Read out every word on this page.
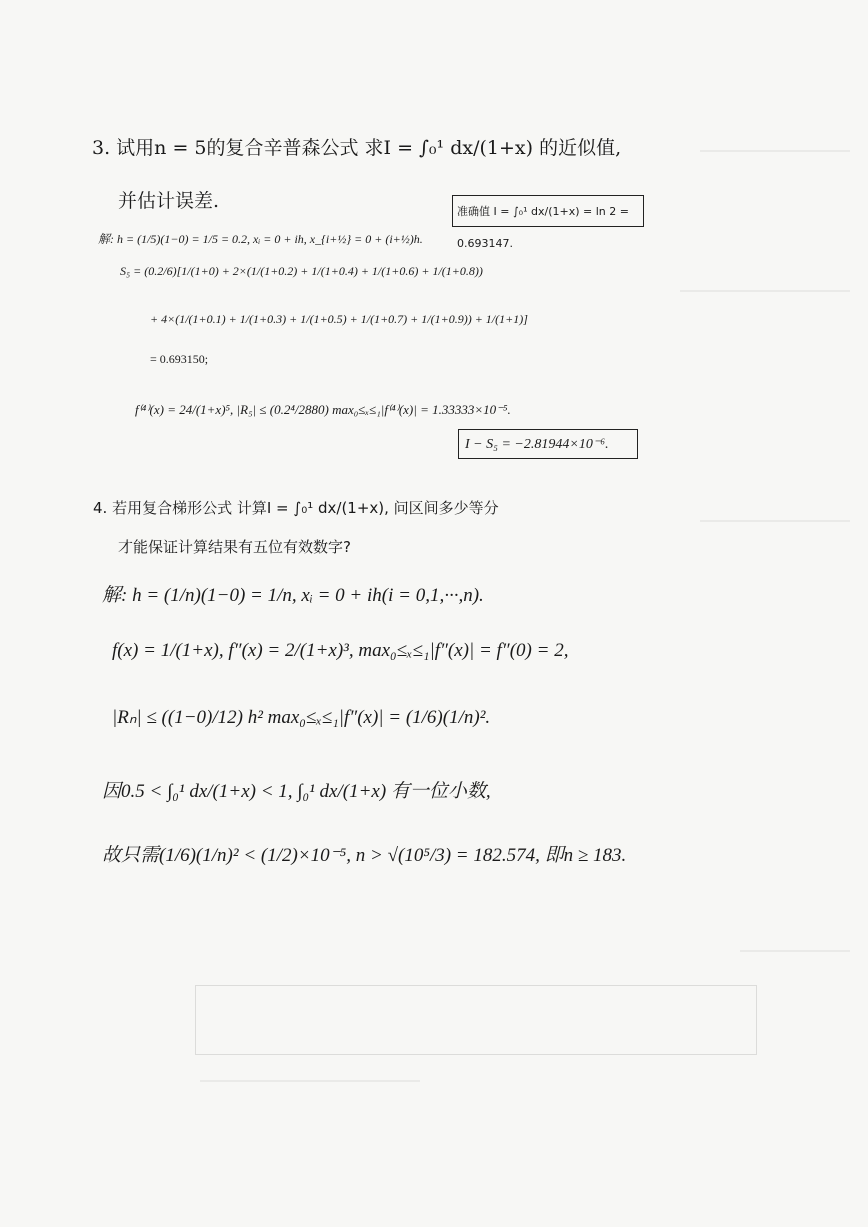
3. 试用n = 5的复合辛普森公式 求I = ∫₀¹ dx/(1+x) 的近似值,
并估计误差.	准确值 I = ∫₀¹ dx/(1+x) = ln 2 = 0.693147.
解: h = (1/5)(1−0) = 1/5 = 0.2, xᵢ = 0 + ih, x_{i+½} = 0 + (i+½)h.
S₅ = (0.2/6)[1/(1+0) + 2×(1/(1+0.2) + 1/(1+0.4) + 1/(1+0.6) + 1/(1+0.8))
+ 4×(1/(1+0.1) + 1/(1+0.3) + 1/(1+0.5) + 1/(1+0.7) + 1/(1+0.9)) + 1/(1+1)]
= 0.693150;
f⁽⁴⁾(x) = 24/(1+x)⁵, |R₅| ≤ (0.2⁴/2880) max₀≤ₓ≤₁|f⁽⁴⁾(x)| = 1.33333×10⁻⁵.
I − S₅ = −2.81944×10⁻⁶.
4. 若用复合梯形公式 计算I = ∫₀¹ dx/(1+x), 问区间多少等分
才能保证计算结果有五位有效数字?
解: h = (1/n)(1−0) = 1/n, xᵢ = 0 + ih(i = 0,1,···,n).
f(x) = 1/(1+x), f″(x) = 2/(1+x)³, max₀≤ₓ≤₁|f″(x)| = f″(0) = 2,
|Rₙ| ≤ ((1−0)/12) h² max₀≤ₓ≤₁|f″(x)| = (1/6)(1/n)².
因0.5 < ∫₀¹ dx/(1+x) < 1, ∫₀¹ dx/(1+x) 有一位小数,
故只需(1/6)(1/n)² < (1/2)×10⁻⁵, n > √(10⁵/3) = 182.574, 即n ≥ 183.
